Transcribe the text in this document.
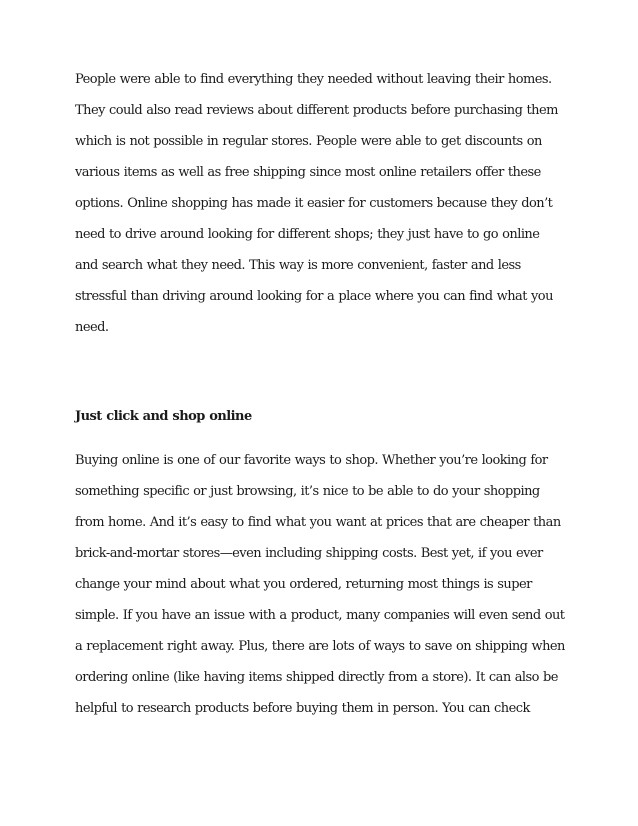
People were able to find everything they needed without leaving their homes.
They could also read reviews about different products before purchasing them
which is not possible in regular stores. People were able to get discounts on
various items as well as free shipping since most online retailers offer these
options. Online shopping has made it easier for customers because they don’t
need to drive around looking for different shops; they just have to go online
and search what they need. This way is more convenient, faster and less
stressful than driving around looking for a place where you can find what you
need.
Just click and shop online
Buying online is one of our favorite ways to shop. Whether you’re looking for
something specific or just browsing, it’s nice to be able to do your shopping
from home. And it’s easy to find what you want at prices that are cheaper than
brick-and-mortar stores—even including shipping costs. Best yet, if you ever
change your mind about what you ordered, returning most things is super
simple. If you have an issue with a product, many companies will even send out
a replacement right away. Plus, there are lots of ways to save on shipping when
ordering online (like having items shipped directly from a store). It can also be
helpful to research products before buying them in person. You can check
